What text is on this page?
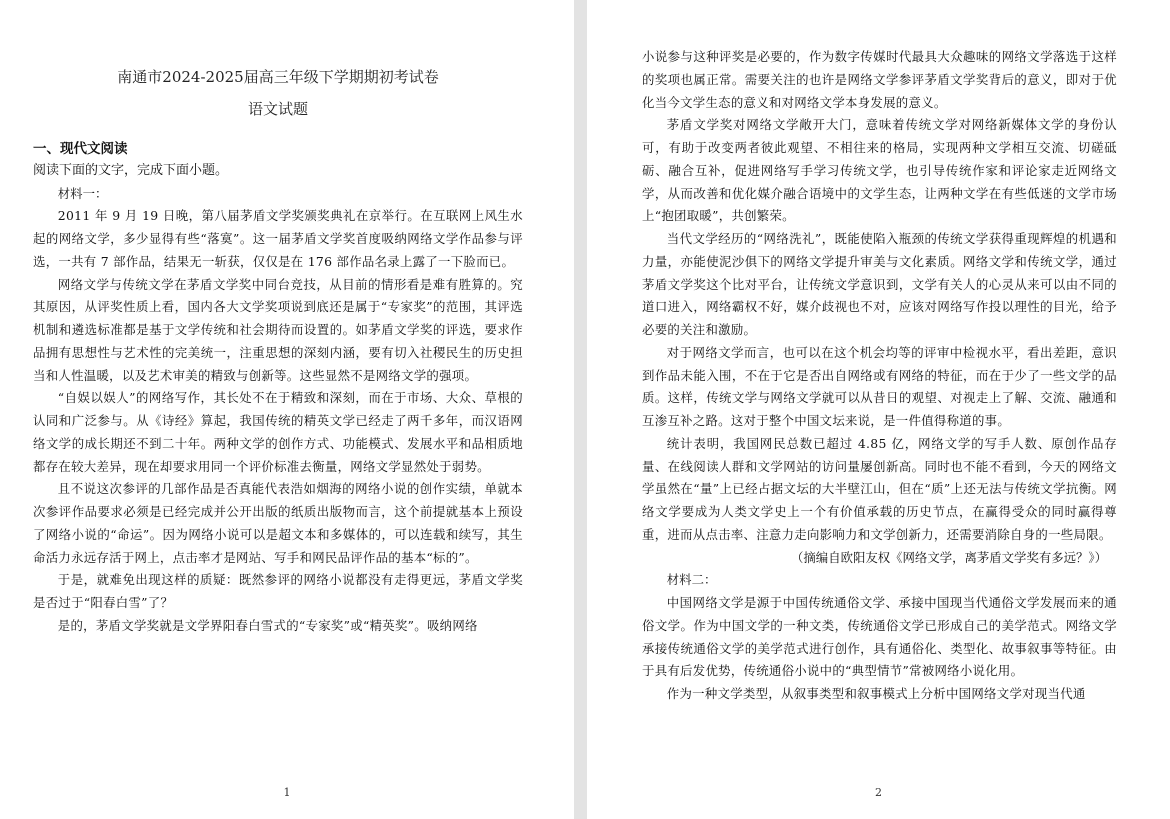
南通市2024-2025届高三年级下学期期初考试卷
语文试题
一、现代文阅读
阅读下面的文字，完成下面小题。

材料一：

2011 年 9 月 19 日晚，第八届茅盾文学奖颁奖典礼在京举行。在互联网上风生水起的网络文学，多少显得有些“落寞”。这一届茅盾文学奖首度吸纳网络文学作品参与评选，一共有 7 部作品，结果无一斩获，仅仅是在 176 部作品名录上露了一下脸而已。

网络文学与传统文学在茅盾文学奖中同台竞技，从目前的情形看是难有胜算的。究其原因，从评奖性质上看，国内各大文学奖项说到底还是属于“专家奖”的范围，其评选机制和遴选标准都是基于文学传统和社会期待而设置的。如茅盾文学奖的评选，要求作品拥有思想性与艺术性的完美统一，注重思想的深刻内涵，要有切入社稷民生的历史担当和人性温暖，以及艺术审美的精致与创新等。这些显然不是网络文学的强项。

“自娱以娱人”的网络写作，其长处不在于精致和深刻，而在于市场、大众、草根的认同和广泛参与。从《诗经》算起，我国传统的精英文学已经走了两千多年，而汉语网络文学的成长期还不到二十年。两种文学的创作方式、功能模式、发展水平和品相质地都存在较大差异，现在却要求用同一个评价标准去衡量，网络文学显然处于弱势。

且不说这次参评的几部作品是否真能代表浩如烟海的网络小说的创作实绩，单就本次参评作品要求必须是已经完成并公开出版的纸质出版物而言，这个前提就基本上预设了网络小说的“命运”。因为网络小说可以是超文本和多媒体的，可以连载和续写，其生命活力永远存活于网上，点击率才是网站、写手和网民品评作品的基本“标的”。

于是，就难免出现这样的质疑：既然参评的网络小说都没有走得更远，茅盾文学奖是否过于“阳春白雪”了？

是的，茅盾文学奖就是文学界阳春白雪式的“专家奖”或“精英奖”。吸纳网络

1

小说参与这种评奖是必要的，作为数字传媒时代最具大众趣味的网络文学落选于这样的奖项也属正常。需要关注的也许是网络文学参评茅盾文学奖背后的意义，即对于优化当今文学生态的意义和对网络文学本身发展的意义。

茅盾文学奖对网络文学敞开大门，意味着传统文学对网络新媒体文学的身份认可，有助于改变两者彼此观望、不相往来的格局，实现两种文学相互交流、切磋砥砺、融合互补，促进网络写手学习传统文学，也引导传统作家和评论家走近网络文学，从而改善和优化媒介融合语境中的文学生态，让两种文学在有些低迷的文学市场上“抱团取暖”，共创繁荣。

当代文学经历的“网络洗礼”，既能使陷入瓶颈的传统文学获得重现辉煌的机遇和力量，亦能使泥沙俱下的网络文学提升审美与文化素质。网络文学和传统文学，通过茅盾文学奖这个比对平台，让传统文学意识到，文学有关人的心灵从来可以由不同的道口进入，网络霸权不好，媒介歧视也不对，应该对网络写作投以理性的目光，给予必要的关注和激励。

对于网络文学而言，也可以在这个机会均等的评审中检视水平，看出差距，意识到作品未能入围，不在于它是否出自网络或有网络的特征，而在于少了一些文学的品质。这样，传统文学与网络文学就可以从昔日的观望、对视走上了解、交流、融通和互渗互补之路。这对于整个中国文坛来说，是一件值得称道的事。

统计表明，我国网民总数已超过 4.85 亿，网络文学的写手人数、原创作品存量、在线阅读人群和文学网站的访问量屡创新高。同时也不能不看到，今天的网络文学虽然在“量”上已经占据文坛的大半壁江山，但在“质”上还无法与传统文学抗衡。网络文学要成为人类文学史上一个有价值承载的历史节点，在赢得受众的同时赢得尊重，进而从点击率、注意力走向影响力和文学创新力，还需要消除自身的一些局限。

（摘编自欧阳友权《网络文学，离茅盾文学奖有多远？》）

材料二：

中国网络文学是源于中国传统通俗文学、承接中国现当代通俗文学发展而来的通俗文学。作为中国文学的一种文类，传统通俗文学已形成自己的美学范式。网络文学承接传统通俗文学的美学范式进行创作，具有通俗化、类型化、故事叙事等特征。由于具有后发优势，传统通俗小说中的“典型情节”常被网络小说化用。

作为一种文学类型，从叙事类型和叙事模式上分析中国网络文学对现当代通

2
